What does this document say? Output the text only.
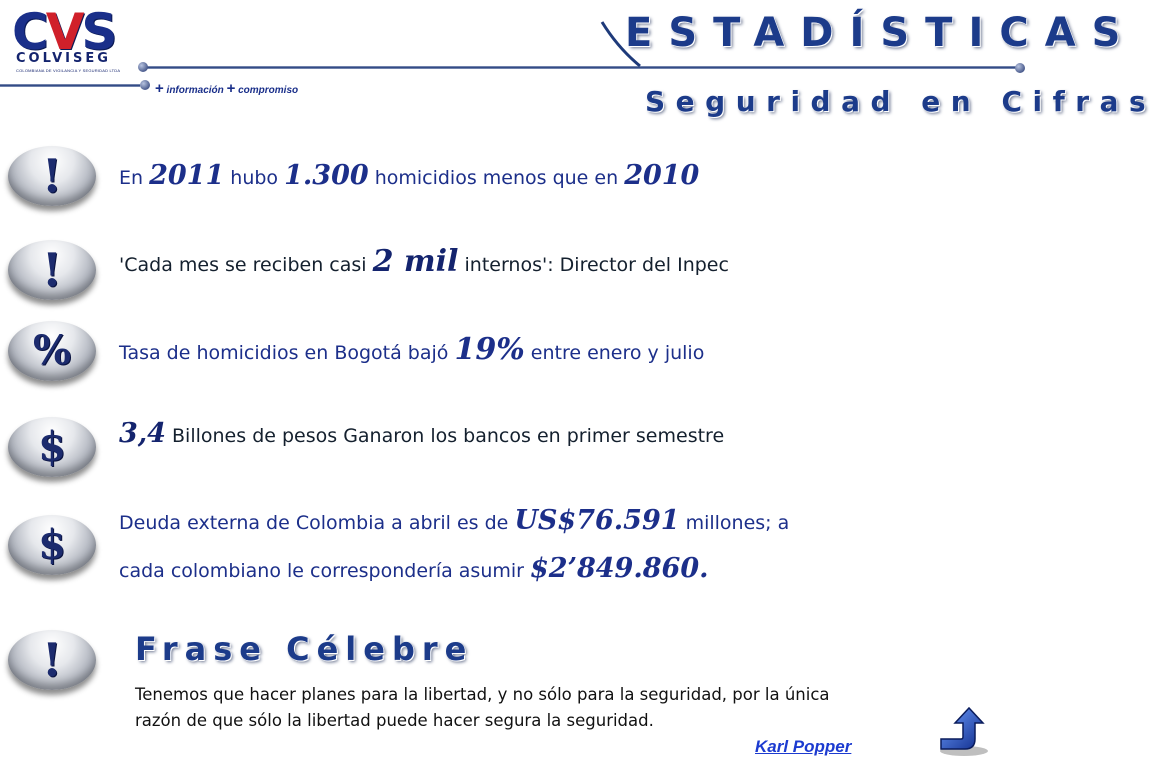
CVS
COLVISEG
COLOMBIANA DE VIGILANCIA Y SEGURIDAD LTDA
+ información + compromiso
ESTADÍSTICAS
Seguridad en Cifras
!
!
%
$
$
!
En 2011 hubo 1.300 homicidios menos que en 2010
'Cada mes se reciben casi 2 mil internos': Director del Inpec
Tasa de homicidios en Bogotá bajó 19% entre enero y julio
3,4 Billones de pesos Ganaron los bancos en primer semestre
Deuda externa de Colombia a abril es de US$76.591 millones; a
cada colombiano le correspondería asumir $2’849.860.
Frase Célebre
Tenemos que hacer planes para la libertad, y no sólo para la seguridad, por la única razón de que sólo la libertad puede hacer segura la seguridad.
Karl Popper
